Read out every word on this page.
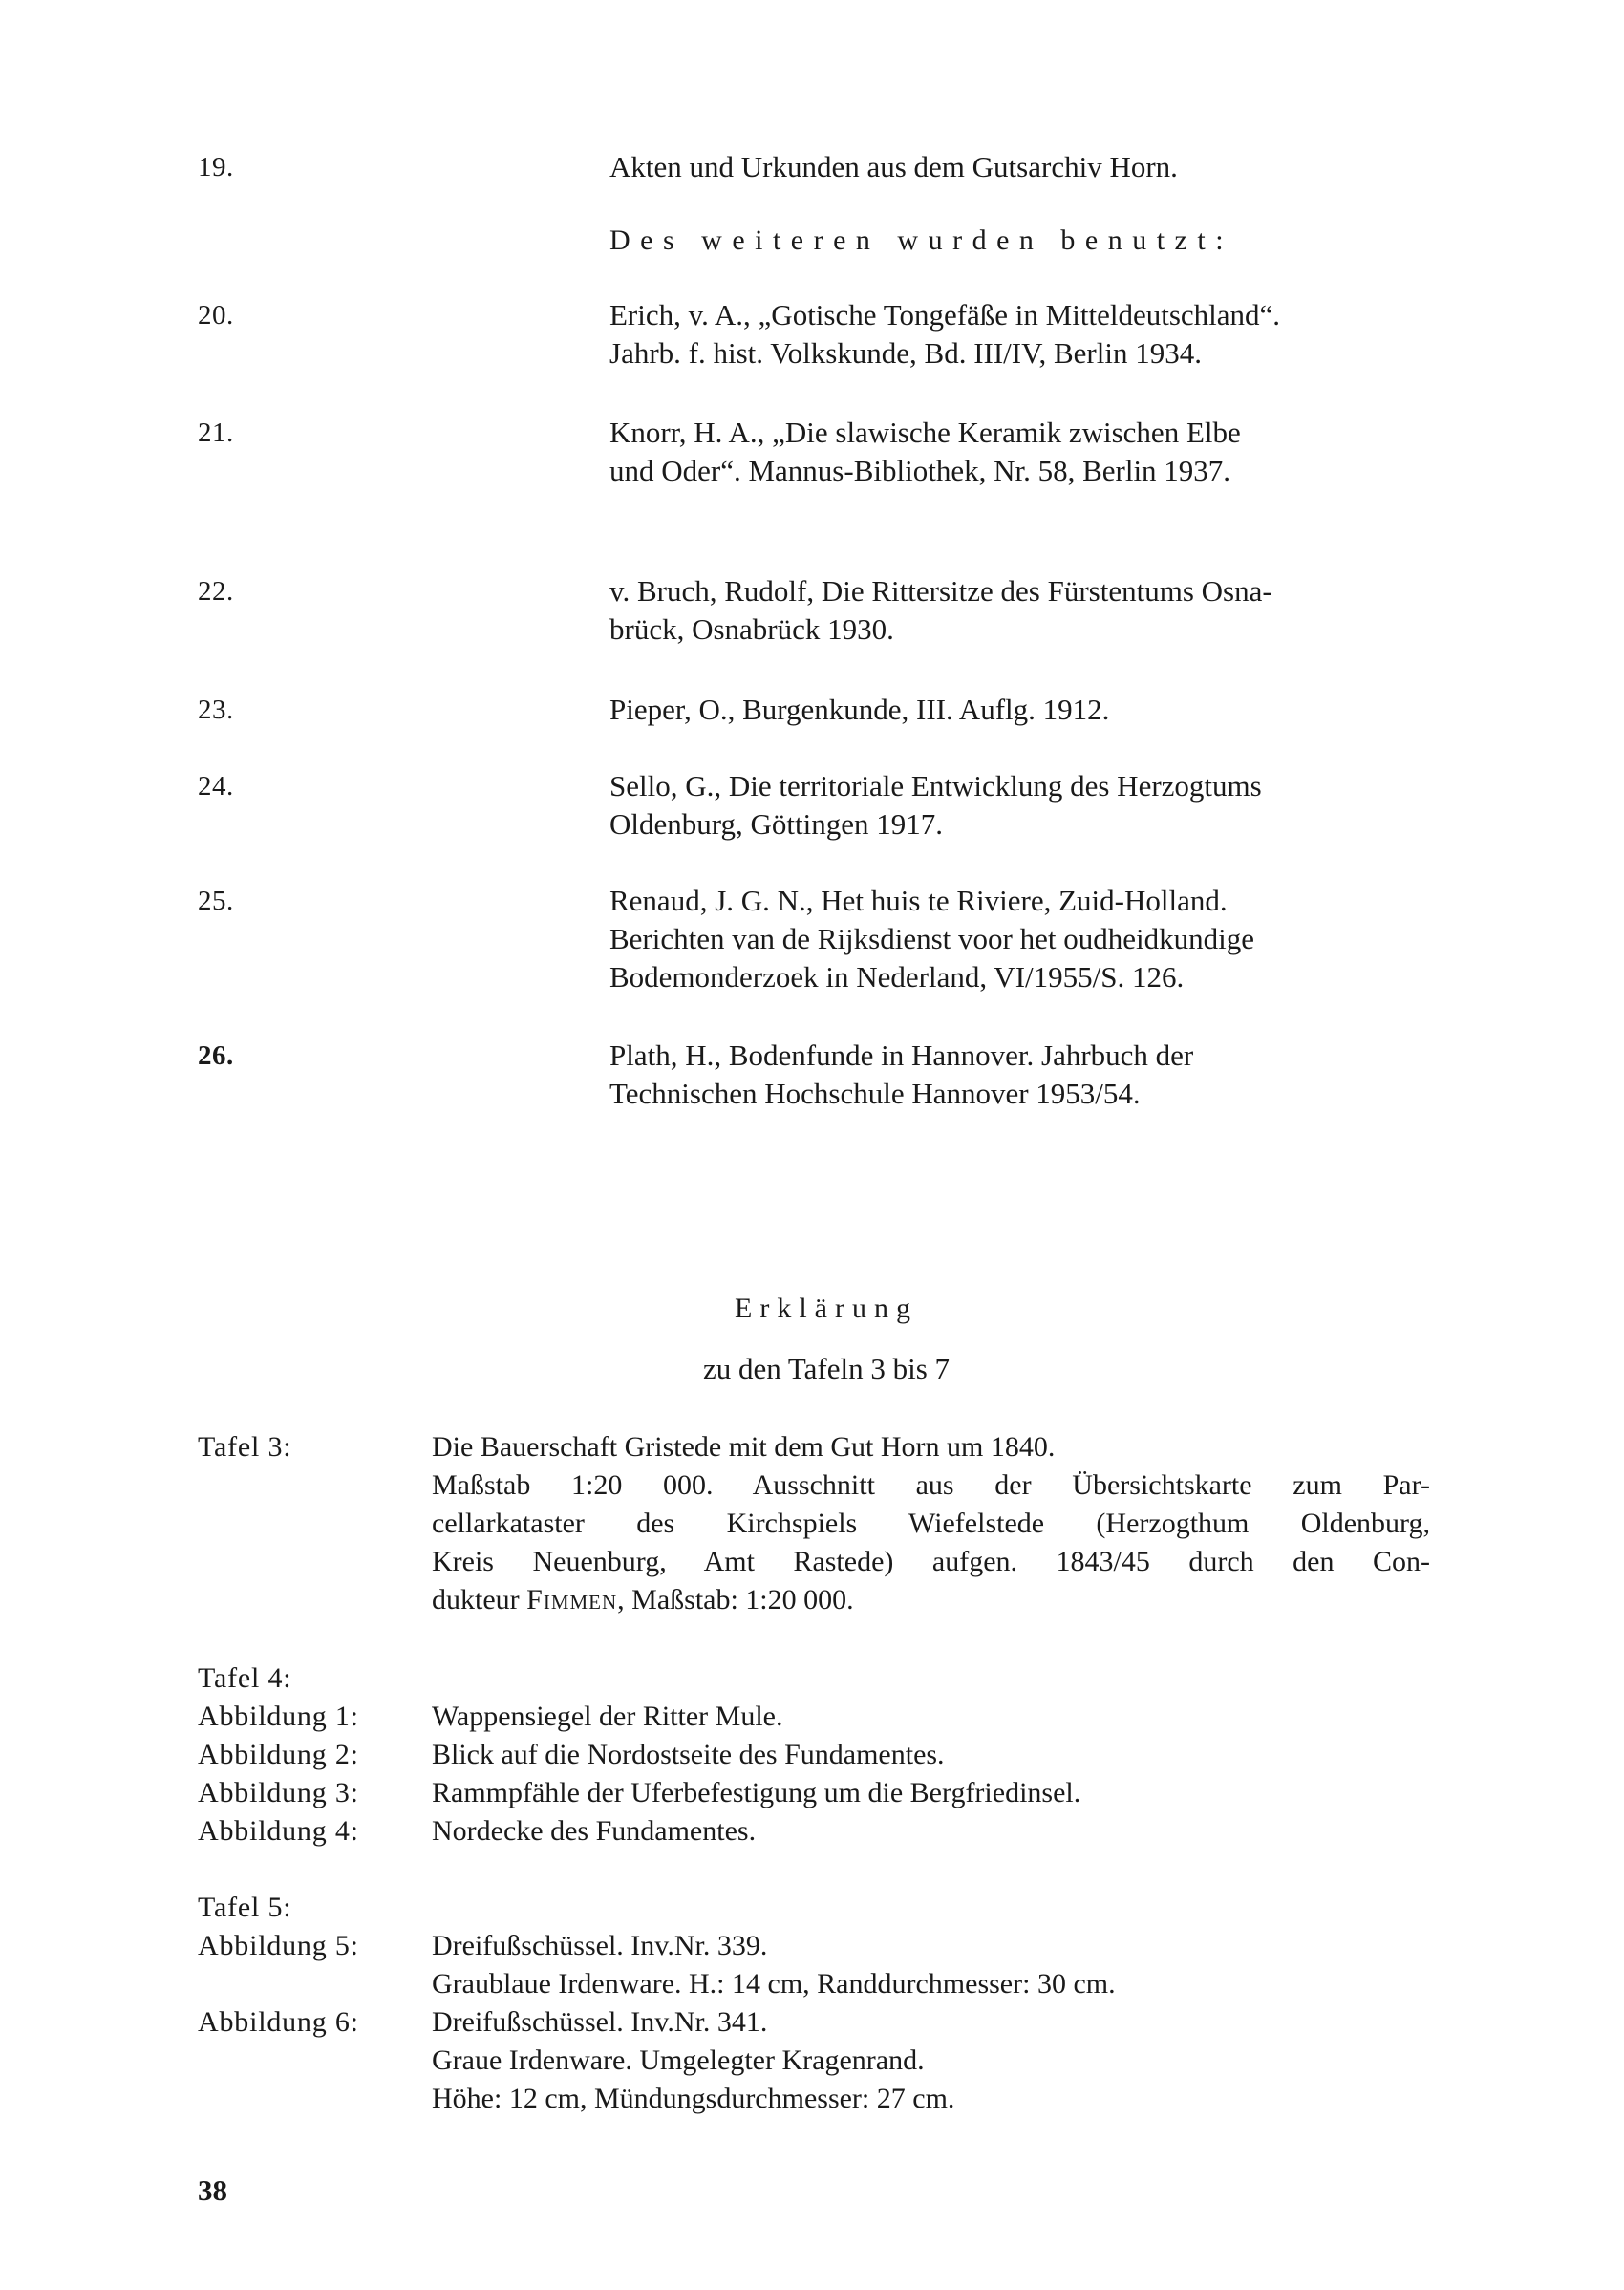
19.	Akten und Urkunden aus dem Gutsarchiv Horn.
20.	Erich, v. A., „Gotische Tongefäße in Mitteldeutschland“.
Jahrb. f. hist. Volkskunde, Bd. III/IV, Berlin 1934.
21.	Knorr, H. A., „Die slawische Keramik zwischen Elbe
und Oder“. Mannus-Bibliothek, Nr. 58, Berlin 1937.
22.	v. Bruch, Rudolf, Die Rittersitze des Fürstentums Osna-
brück, Osnabrück 1930.
23.	Pieper, O., Burgenkunde, III. Auflg. 1912.
24.	Sello, G., Die territoriale Entwicklung des Herzogtums
Oldenburg, Göttingen 1917.
25.	Renaud, J. G. N., Het huis te Riviere, Zuid-Holland.
Berichten van de Rijksdienst voor het oudheidkundige
Bodemonderzoek in Nederland, VI/1955/S. 126.
26.	Plath, H., Bodenfunde in Hannover. Jahrbuch der
Technischen Hochschule Hannover 1953/54.
Des weiteren wurden benutzt:
Erklärung
zu den Tafeln 3 bis 7
Tafel 3:	Die Bauerschaft Gristede mit dem Gut Horn um 1840.
Maßstab 1:20 000. Ausschnitt aus der Übersichtskarte zum Par-
cellarkataster des Kirchspiels Wiefelstede (Herzogthum Oldenburg,
Kreis Neuenburg, Amt Rastede) aufgen. 1843/45 durch den Con-
dukteur Fimmen, Maßstab: 1:20 000.
Tafel 4:
Abbildung 1:	Wappensiegel der Ritter Mule.
Abbildung 2:	Blick auf die Nordostseite des Fundamentes.
Abbildung 3:	Rammpfähle der Uferbefestigung um die Bergfriedinsel.
Abbildung 4:	Nordecke des Fundamentes.
Tafel 5:
Abbildung 5:	Dreifußschüssel. Inv.Nr. 339.
Graublaue Irdenware. H.: 14 cm, Randdurchmesser: 30 cm.
Abbildung 6:	Dreifußschüssel. Inv.Nr. 341.
Graue Irdenware. Umgelegter Kragenrand.
Höhe: 12 cm, Mündungsdurchmesser: 27 cm.
38
